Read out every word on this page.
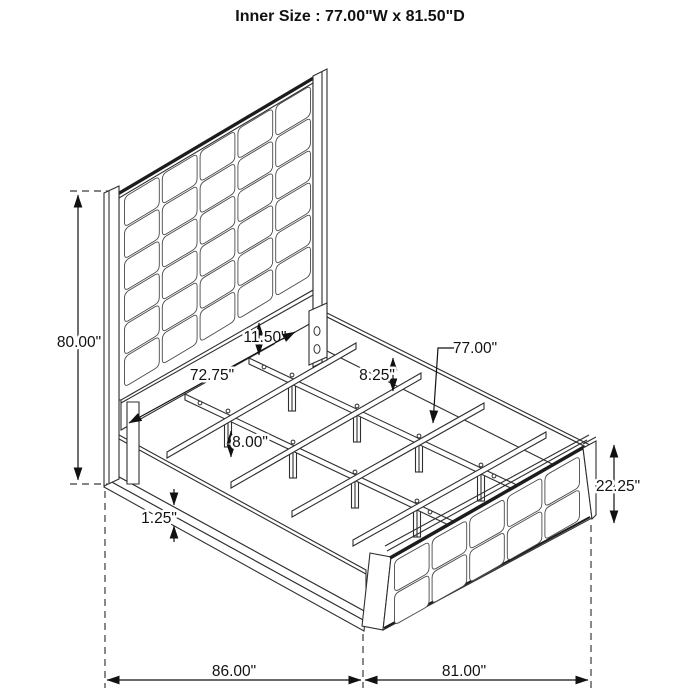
Inner Size : 77.00"W x 81.50"D
80.00"	11.50"
72.75"	8.25"
77.00"
8.00"
1.25"
22.25"
86.00"	81.00"
